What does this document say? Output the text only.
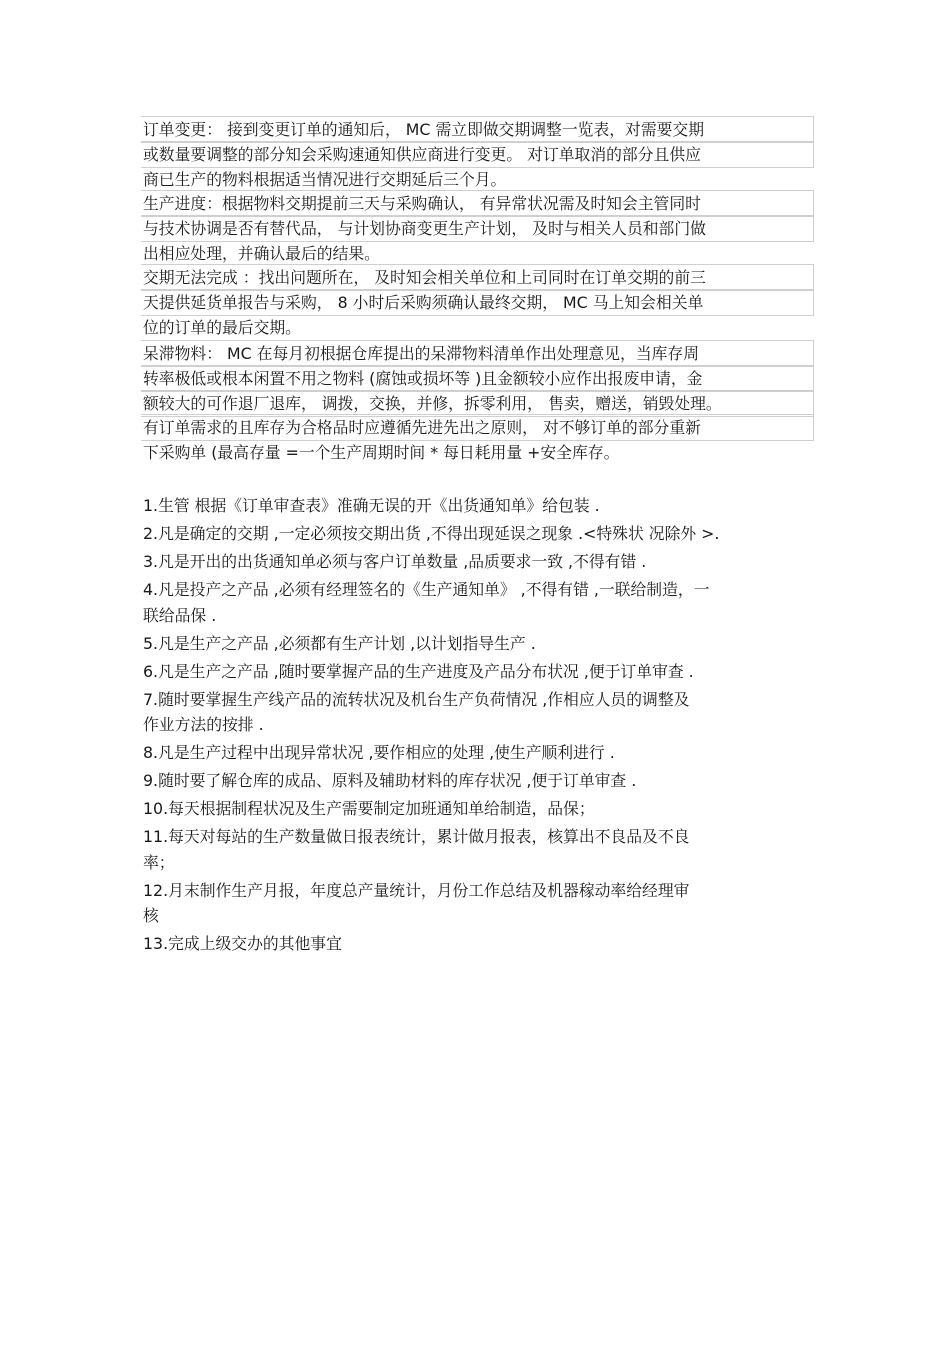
订单变更： 接到变更订单的通知后， MC 需立即做交期调整一览表，对需要交期
或数量要调整的部分知会采购速通知供应商进行变更。 对订单取消的部分且供应
商已生产的物料根据适当情况进行交期延后三个月。
生产进度：根据物料交期提前三天与采购确认， 有异常状况需及时知会主管同时
与技术协调是否有替代品， 与计划协商变更生产计划， 及时与相关人员和部门做
出相应处理，并确认最后的结果。
交期无法完成 ：找出问题所在， 及时知会相关单位和上司同时在订单交期的前三
天提供延货单报告与采购， 8 小时后采购须确认最终交期， MC 马上知会相关单
位的订单的最后交期。
呆滞物料： MC 在每月初根据仓库提出的呆滞物料清单作出处理意见，当库存周
转率极低或根本闲置不用之物料 (腐蚀或损坏等 )且金额较小应作出报废申请，金
额较大的可作退厂退库， 调拨，交换，并修，拆零利用， 售卖，赠送，销毁处理。
有订单需求的且库存为合格品时应遵循先进先出之原则， 对不够订单的部分重新
下采购单 (最高存量 =一个生产周期时间 * 每日耗用量 +安全库存。
1.生管 根据《订单审查表》准确无误的开《出货通知单》给包装 .
2.凡是确定的交期 ,一定必须按交期出货 ,不得出现延误之现象 .<特殊状 况除外 >.
3.凡是开出的出货通知单必须与客户订单数量 ,品质要求一致 ,不得有错 .
4.凡是投产之产品 ,必须有经理签名的《生产通知单》 ,不得有错 ,一联给制造，一
联给品保 .
5.凡是生产之产品 ,必须都有生产计划 ,以计划指导生产 .
6.凡是生产之产品 ,随时要掌握产品的生产进度及产品分布状况 ,便于订单审查 .
7.随时要掌握生产线产品的流转状况及机台生产负荷情况 ,作相应人员的调整及
作业方法的按排 .
8.凡是生产过程中出现异常状况 ,要作相应的处理 ,使生产顺利进行 .
9.随时要了解仓库的成品、原料及辅助材料的库存状况 ,便于订单审查 .
10.每天根据制程状况及生产需要制定加班通知单给制造，品保；
11.每天对每站的生产数量做日报表统计，累计做月报表，核算出不良品及不良
率；
12.月末制作生产月报，年度总产量统计，月份工作总结及机器稼动率给经理审
核
13.完成上级交办的其他事宜
